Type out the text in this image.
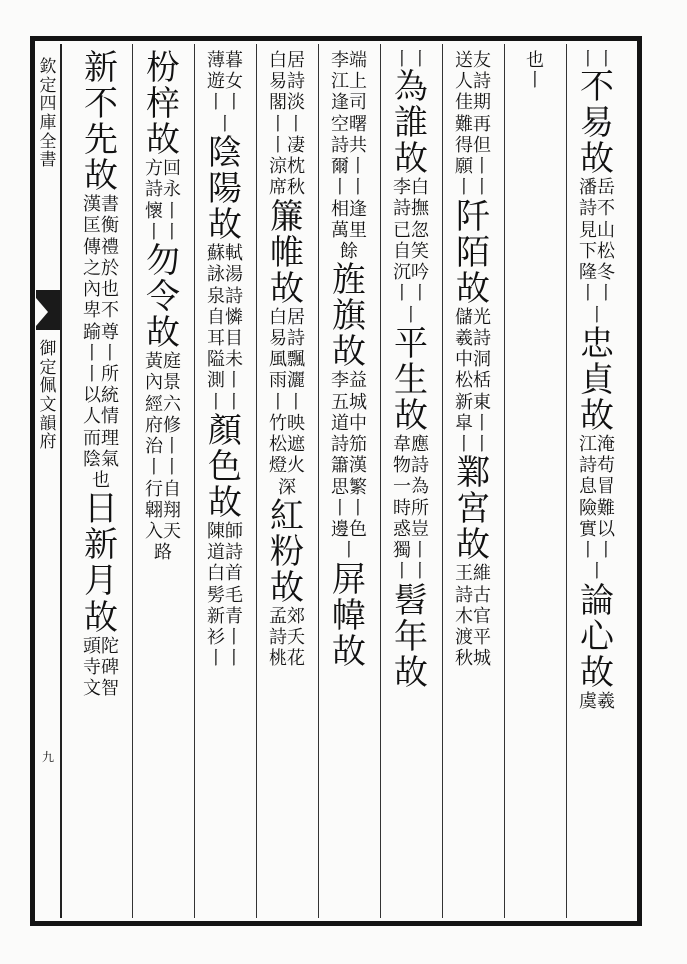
欽定四庫全書
御定佩文韻府
九
丨丨
不易故
潘岳詩不見山下松隆冬丨丨丨
忠貞故
江淹詩苟息冒險難實以丨丨丨
論心故
虞羲
也
丨
送友人詩佳期難再得但願丨丨丨
阡陌故
儲光羲詩中洞松栝新東皐丨丨丨
鄴宮故
王維詩古木官渡平秋城
丨丨
為誰故
李白詩撫已忽自笑沉吟丨丨丨
平生故
韋應物詩一為時所惑豈獨丨丨丨
髫年故
李端江上逢司空曙詩共爾丨丨丨相逢萬里餘
旌旗故
李益五城道中詩笳簫漢思繁丨丨邊色丨
屏幃故
白居易詩閣淡丨丨丨凄涼枕席秋
簾帷故
白居易詩風飄雨灑丨丨竹映松遮燈火深
紅粉故
孟郊詩夭桃花
薄暮遊女丨丨丨
陰陽故
蘇軾詠湯泉詩自憐耳目隘未測丨丨丨
顏色故
陳師道詩白首髣毛新青衫丨丨丨
枌梓故
方回詩永懷丨丨丨
勿令故
黃庭內景經六府修治丨丨丨行自翺翔入天路
新不先故
漢書匡衡傳禮之於內也卑不踰尊丨丨丨所以統人情而理陰氣也
日新月故
頭陀寺碑文智
